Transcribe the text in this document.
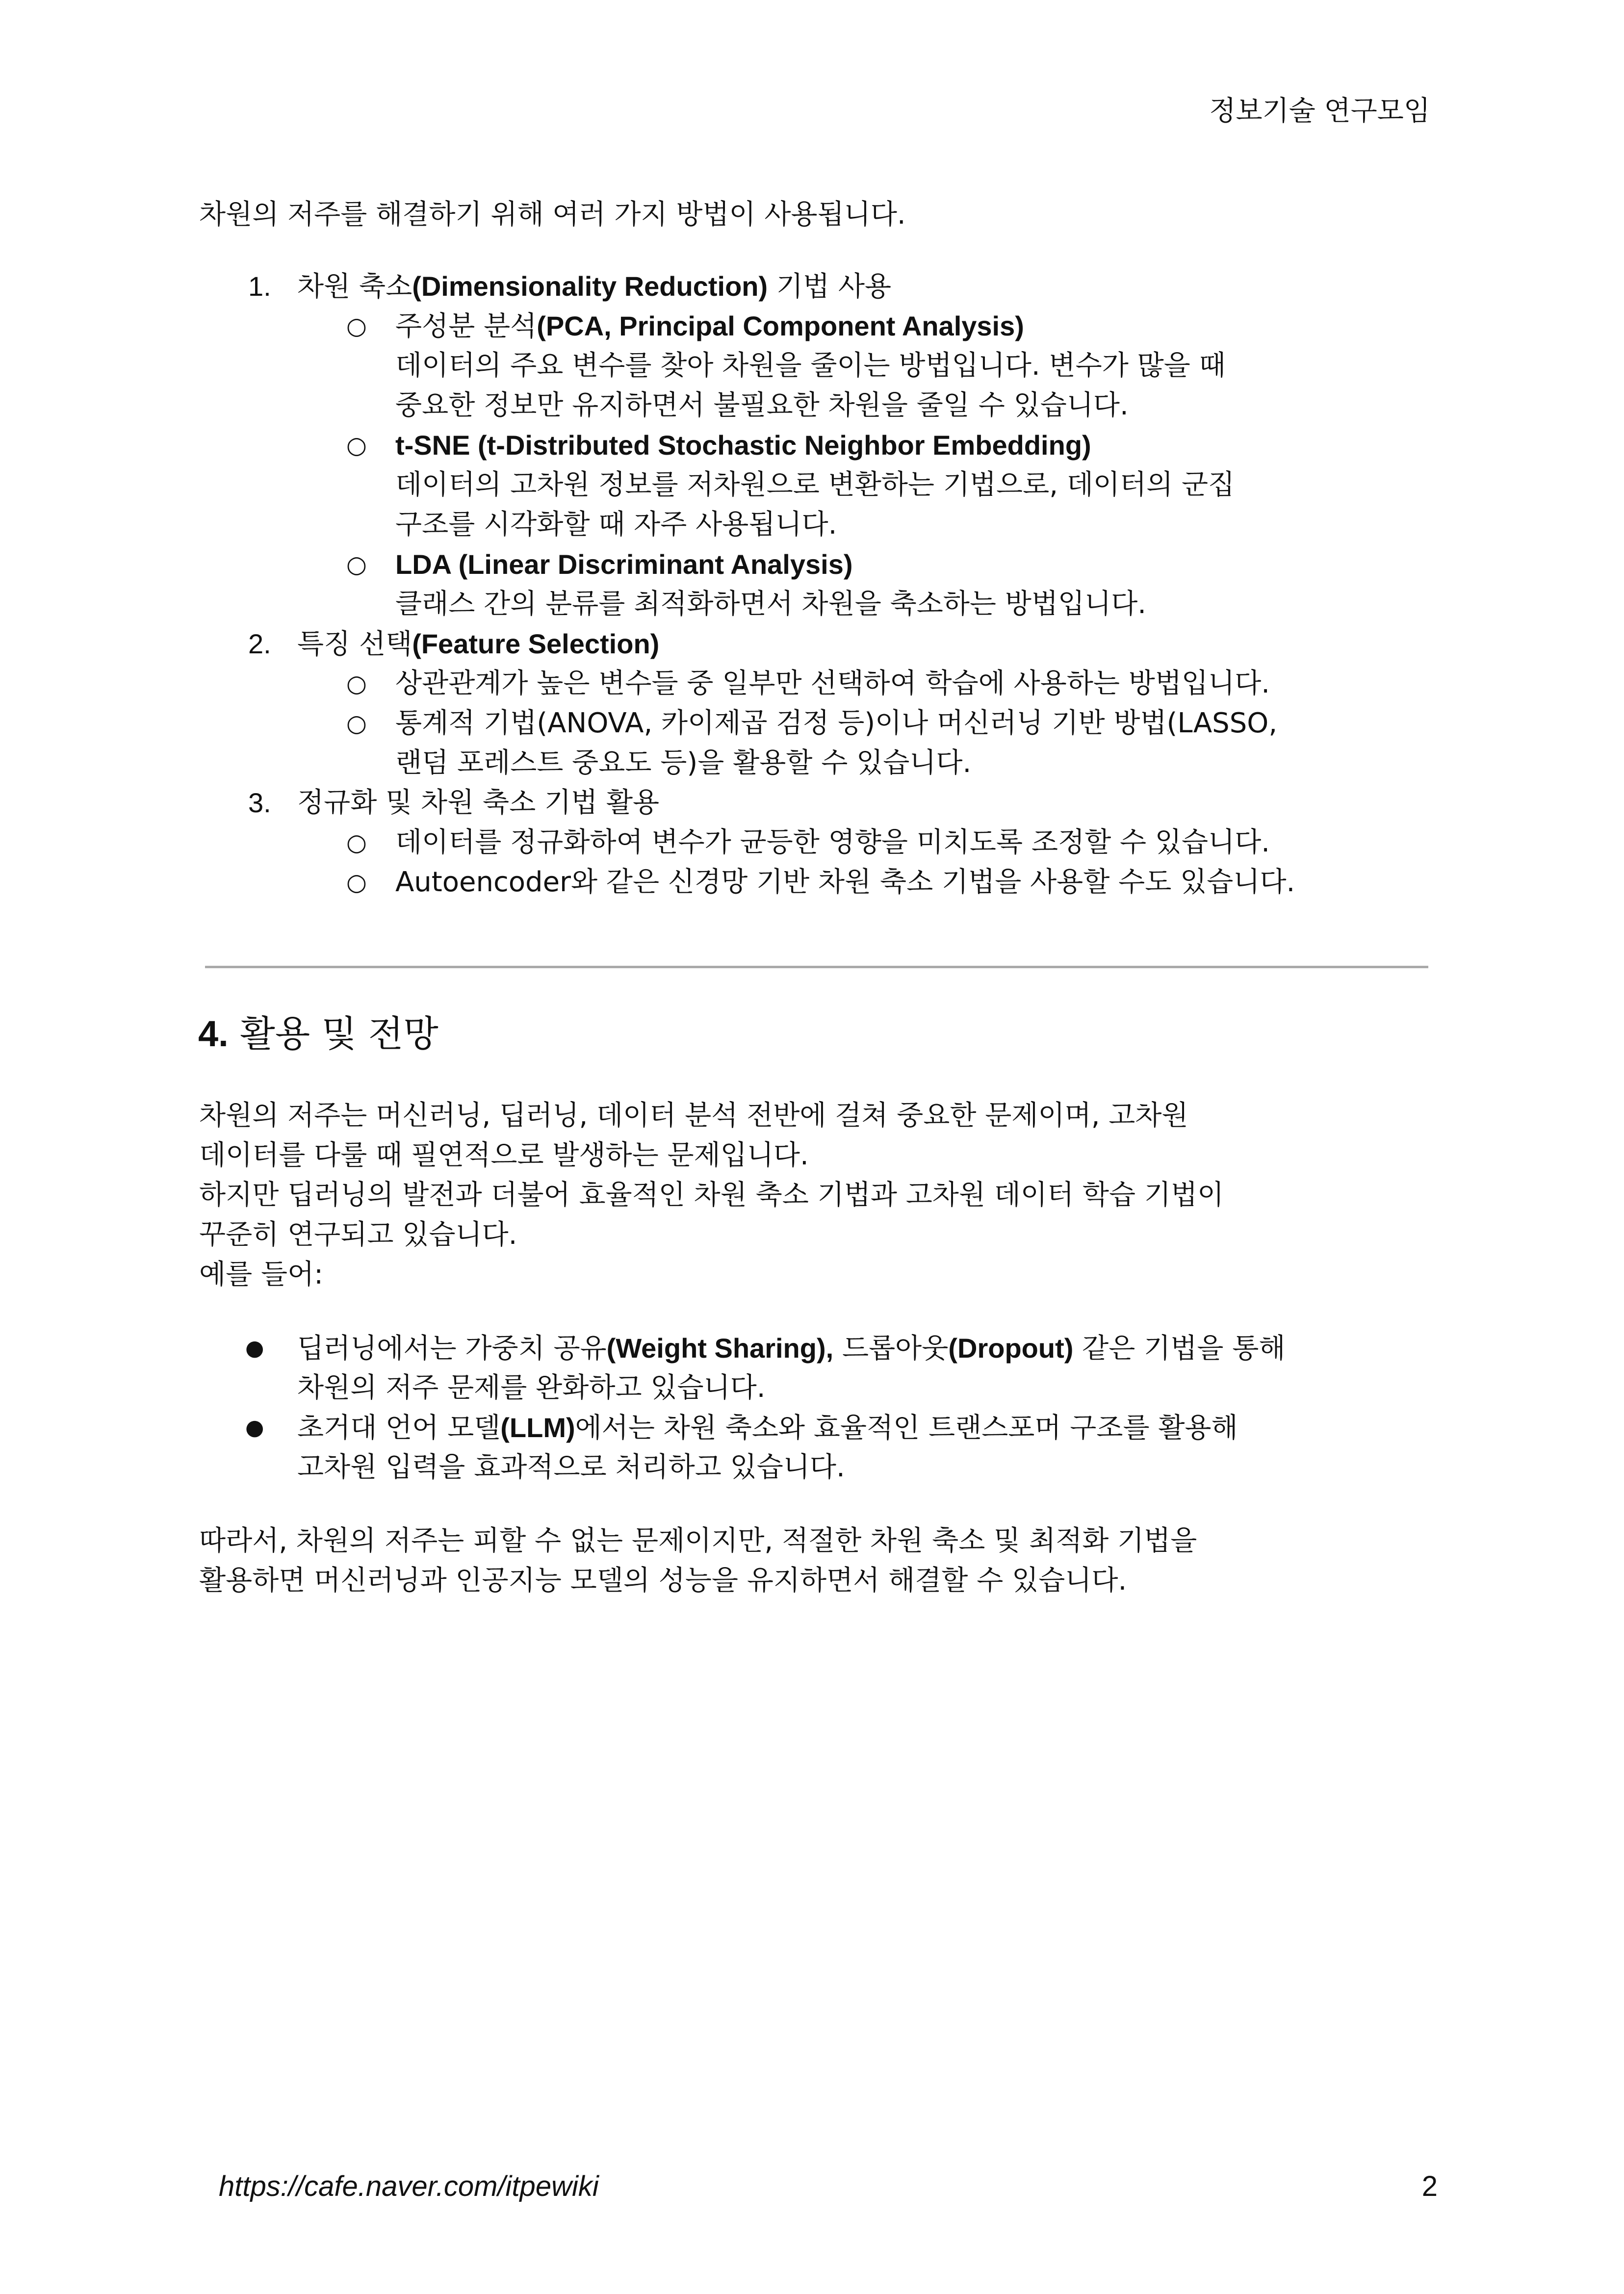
정보기술 연구모임
차원의 저주를 해결하기 위해 여러 가지 방법이 사용됩니다.
1. 차원 축소(Dimensionality Reduction) 기법 사용
○ 주성분 분석(PCA, Principal Component Analysis)
데이터의 주요 변수를 찾아 차원을 줄이는 방법입니다. 변수가 많을 때
중요한 정보만 유지하면서 불필요한 차원을 줄일 수 있습니다.
○ t-SNE (t-Distributed Stochastic Neighbor Embedding)
데이터의 고차원 정보를 저차원으로 변환하는 기법으로, 데이터의 군집
구조를 시각화할 때 자주 사용됩니다.
○ LDA (Linear Discriminant Analysis)
클래스 간의 분류를 최적화하면서 차원을 축소하는 방법입니다.
2. 특징 선택(Feature Selection)
○ 상관관계가 높은 변수들 중 일부만 선택하여 학습에 사용하는 방법입니다.
○ 통계적 기법(ANOVA, 카이제곱 검정 등)이나 머신러닝 기반 방법(LASSO,
랜덤 포레스트 중요도 등)을 활용할 수 있습니다.
3. 정규화 및 차원 축소 기법 활용
○ 데이터를 정규화하여 변수가 균등한 영향을 미치도록 조정할 수 있습니다.
○ Autoencoder와 같은 신경망 기반 차원 축소 기법을 사용할 수도 있습니다.
4. 활용 및 전망
차원의 저주는 머신러닝, 딥러닝, 데이터 분석 전반에 걸쳐 중요한 문제이며, 고차원
데이터를 다룰 때 필연적으로 발생하는 문제입니다.
하지만 딥러닝의 발전과 더불어 효율적인 차원 축소 기법과 고차원 데이터 학습 기법이
꾸준히 연구되고 있습니다.
예를 들어:
● 딥러닝에서는 가중치 공유(Weight Sharing), 드롭아웃(Dropout) 같은 기법을 통해
차원의 저주 문제를 완화하고 있습니다.
● 초거대 언어 모델(LLM)에서는 차원 축소와 효율적인 트랜스포머 구조를 활용해
고차원 입력을 효과적으로 처리하고 있습니다.
따라서, 차원의 저주는 피할 수 없는 문제이지만, 적절한 차원 축소 및 최적화 기법을
활용하면 머신러닝과 인공지능 모델의 성능을 유지하면서 해결할 수 있습니다.
https://cafe.naver.com/itpewiki	2
